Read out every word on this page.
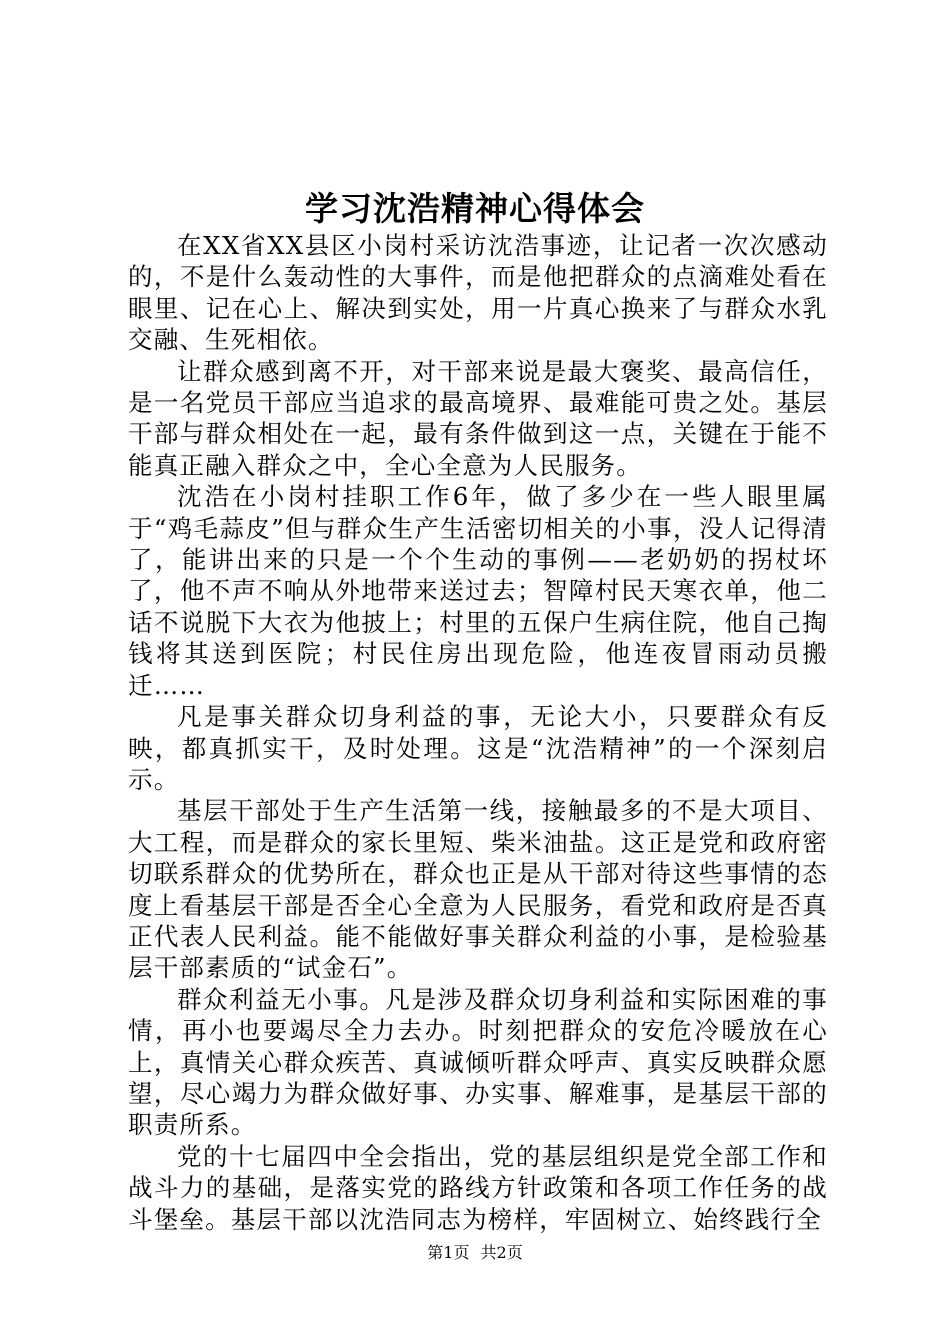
学习沈浩精神心得体会

在XX省XX县区小岗村采访沈浩事迹，让记者一次次感动的，不是什么轰动性的大事件，而是他把群众的点滴难处看在眼里、记在心上、解决到实处，用一片真心换来了与群众水乳交融、生死相依。

让群众感到离不开，对干部来说是最大褒奖、最高信任，是一名党员干部应当追求的最高境界、最难能可贵之处。基层干部与群众相处在一起，最有条件做到这一点，关键在于能不能真正融入群众之中，全心全意为人民服务。

沈浩在小岗村挂职工作6年，做了多少在一些人眼里属于“鸡毛蒜皮”但与群众生产生活密切相关的小事，没人记得清了，能讲出来的只是一个个生动的事例——老奶奶的拐杖坏了，他不声不响从外地带来送过去；智障村民天寒衣单，他二话不说脱下大衣为他披上；村里的五保户生病住院，他自己掏钱将其送到医院；村民住房出现危险，他连夜冒雨动员搬迁……

凡是事关群众切身利益的事，无论大小，只要群众有反映，都真抓实干，及时处理。这是“沈浩精神”的一个深刻启示。

基层干部处于生产生活第一线，接触最多的不是大项目、大工程，而是群众的家长里短、柴米油盐。这正是党和政府密切联系群众的优势所在，群众也正是从干部对待这些事情的态度上看基层干部是否全心全意为人民服务，看党和政府是否真正代表人民利益。能不能做好事关群众利益的小事，是检验基层干部素质的“试金石”。

群众利益无小事。凡是涉及群众切身利益和实际困难的事情，再小也要竭尽全力去办。时刻把群众的安危冷暖放在心上，真情关心群众疾苦、真诚倾听群众呼声、真实反映群众愿望，尽心竭力为群众做好事、办实事、解难事，是基层干部的职责所系。

党的十七届四中全会指出，党的基层组织是党全部工作和战斗力的基础，是落实党的路线方针政策和各项工作任务的战斗堡垒。基层干部以沈浩同志为榜样，牢固树立、始终践行全

第1页 共2页
